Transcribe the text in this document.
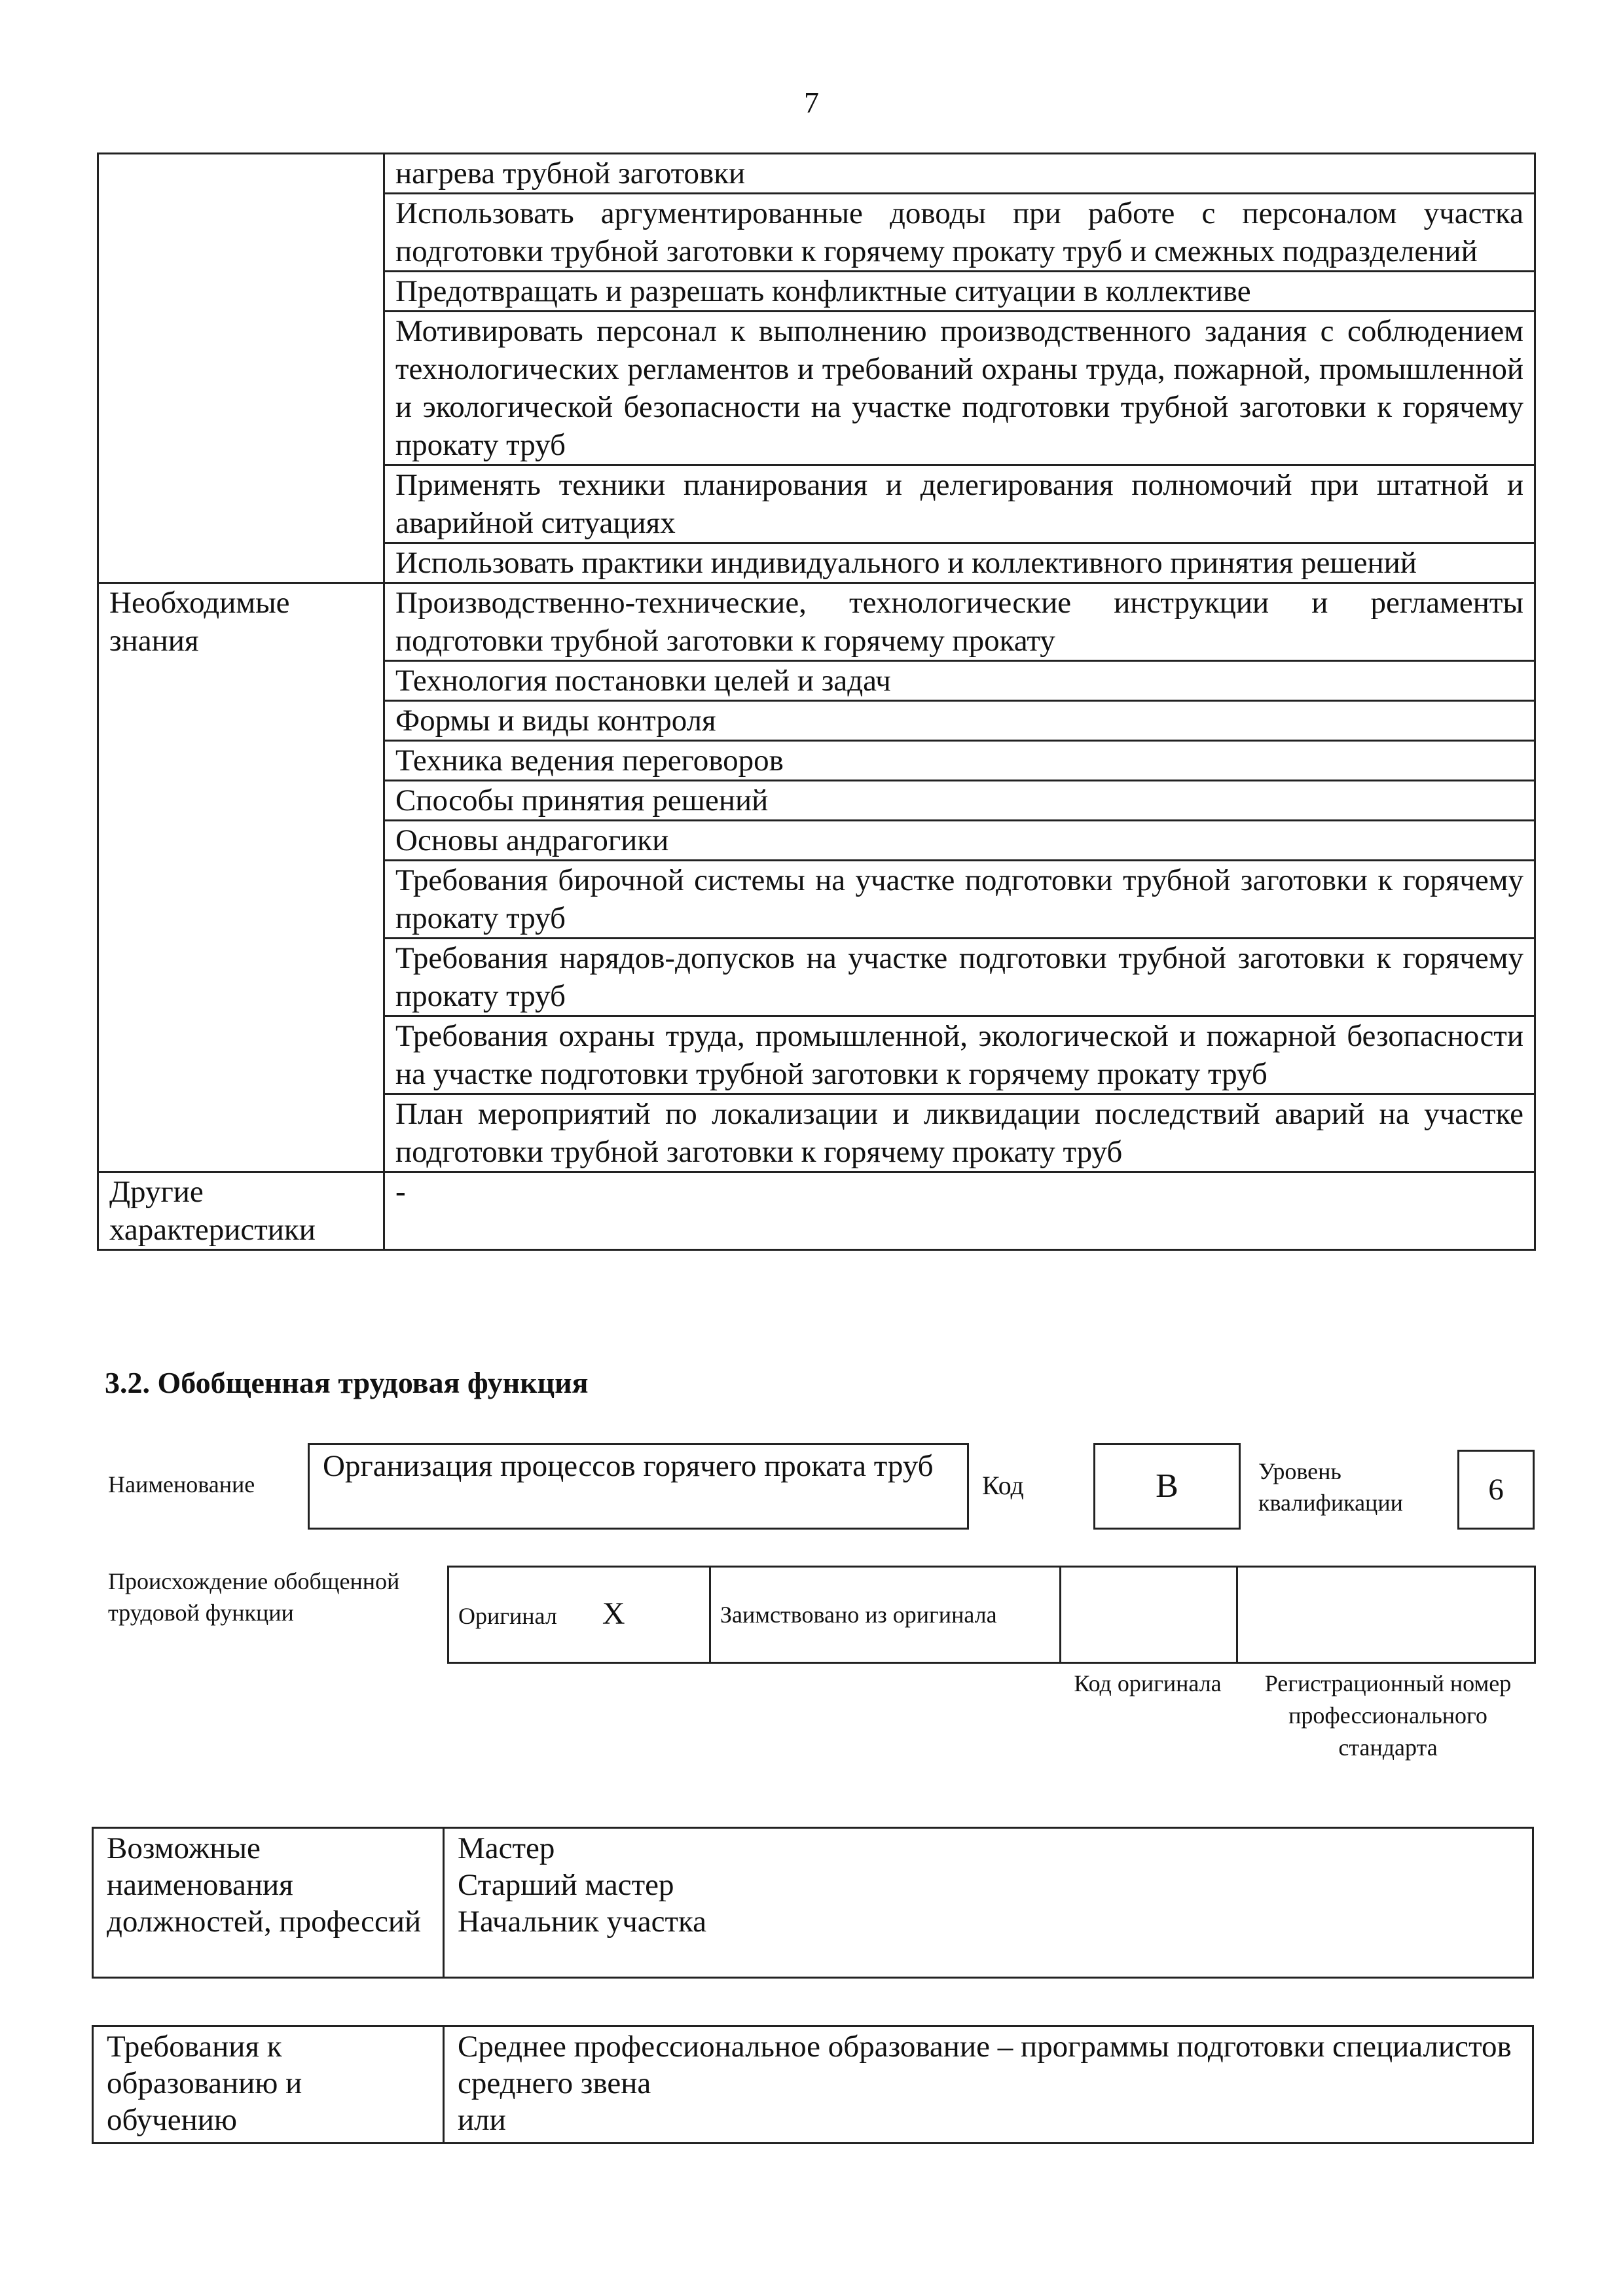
7
	нагрева трубной заготовки
	Использовать аргументированные доводы при работе с персоналом участка подготовки трубной заготовки к горячему прокату труб и смежных подразделений
	Предотвращать и разрешать конфликтные ситуации в коллективе
	Мотивировать персонал к выполнению производственного задания с соблюдением технологических регламентов и требований охраны труда, пожарной, промышленной и экологической безопасности на участке подготовки трубной заготовки к горячему прокату труб
	Применять техники планирования и делегирования полномочий при штатной и аварийной ситуациях
	Использовать практики индивидуального и коллективного принятия решений
Необходимые знания	Производственно-технические, технологические инструкции и регламенты подготовки трубной заготовки к горячему прокату
	Технология постановки целей и задач
	Формы и виды контроля
	Техника ведения переговоров
	Способы принятия решений
	Основы андрагогики
	Требования бирочной системы на участке подготовки трубной заготовки к горячему прокату труб
	Требования нарядов-допусков на участке подготовки трубной заготовки к горячему прокату труб
	Требования охраны труда, промышленной, экологической и пожарной безопасности на участке подготовки трубной заготовки к горячему прокату труб
	План мероприятий по локализации и ликвидации последствий аварий на участке подготовки трубной заготовки к горячему прокату труб
Другие характеристики	-
3.2. Обобщенная трудовая функция
Наименование
Организация процессов горячего проката труб
Код	B	Уровень квалификации	6
Происхождение обобщенной трудовой функции	Оригинал X	Заимствовано из оригинала		
Код оригинала	Регистрационный номер профессионального стандарта
Возможные наименования должностей, профессий	
Мастер
Старший мастер
Начальник участка
Требования к образованию и обучению	
Среднее профессиональное образование – программы подготовки специалистов среднего звена
или
